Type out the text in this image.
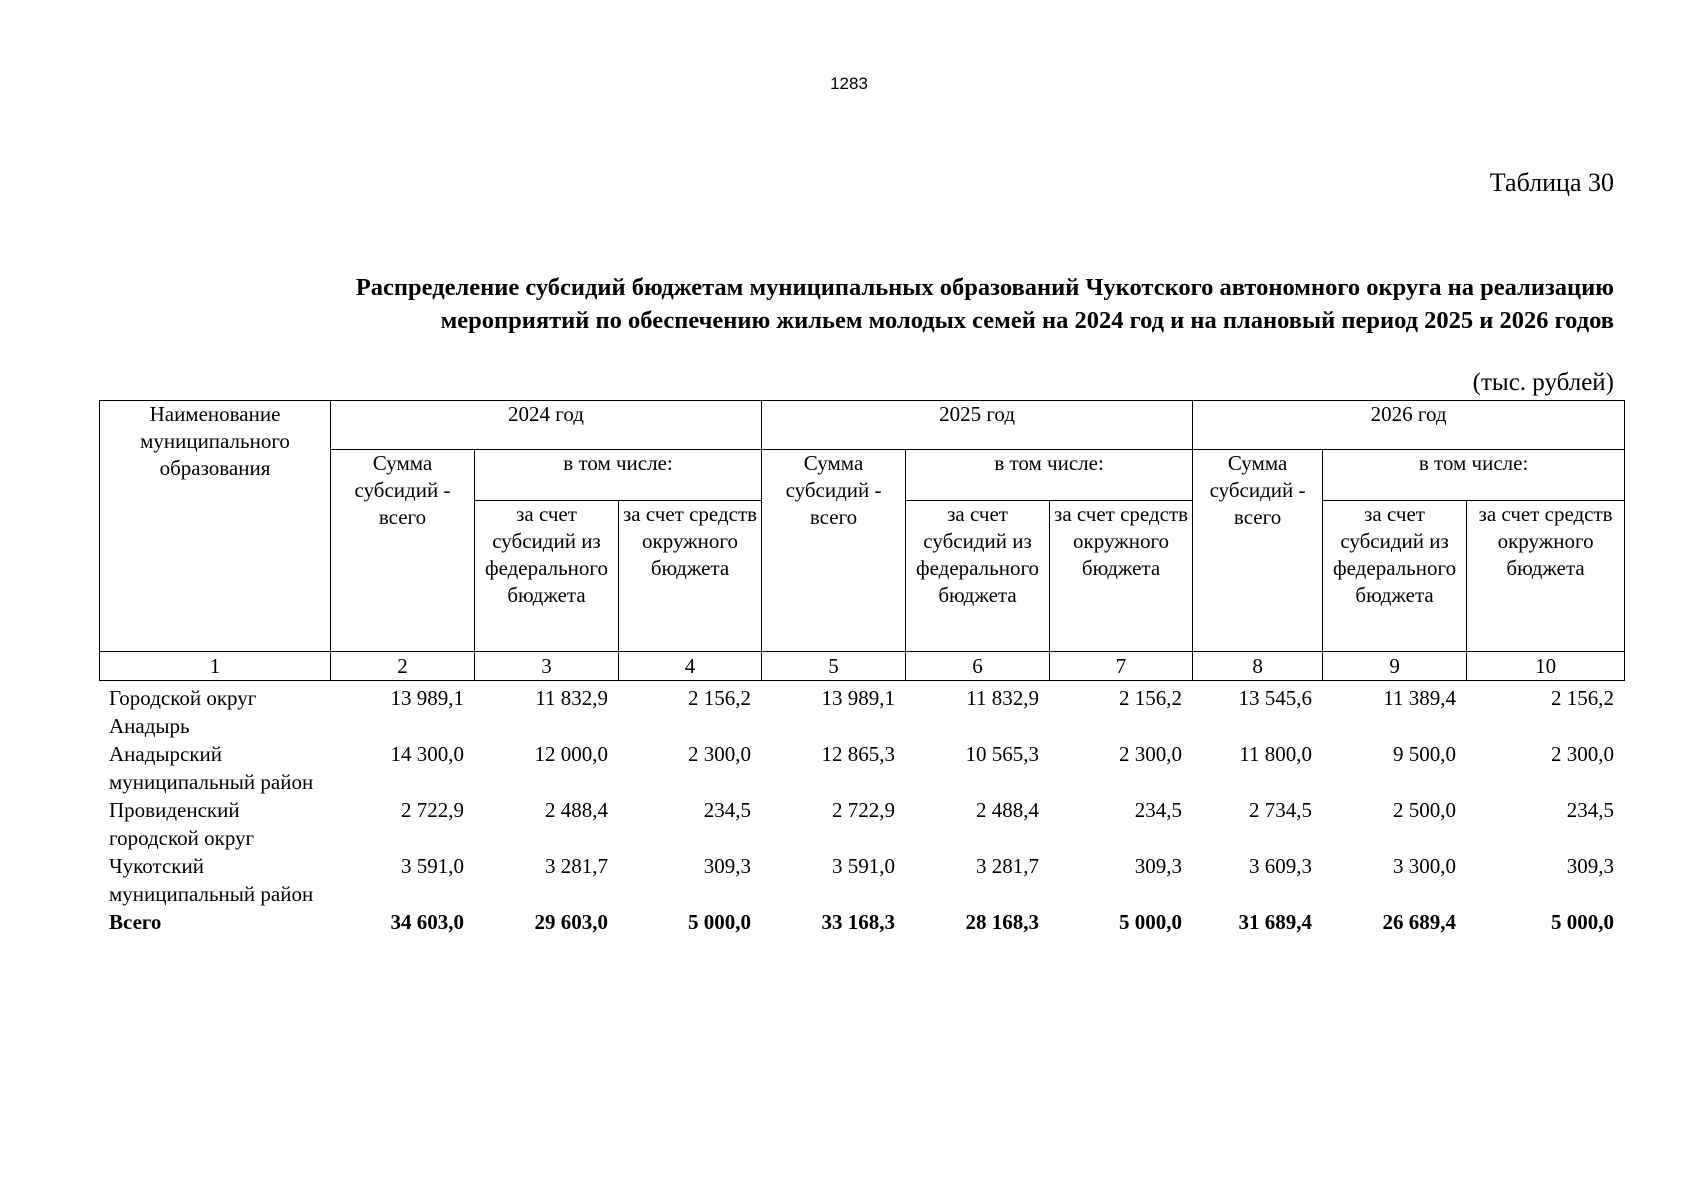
1283
Таблица 30
Распределение субсидий бюджетам муниципальных образований Чукотского автономного округа на реализацию
мероприятий по обеспечению жильем молодых семей на 2024 год и на плановый период 2025 и 2026 годов
(тыс. рублей)
Наименование муниципального образования	2024 год			2025 год			2026 год		
	Сумма субсидий - всего	в том числе:		Сумма субсидий - всего	в том числе:		Сумма субсидий - всего	в том числе:	
		за счет субсидий из федерального бюджета	за счет средств окружного бюджета		за счет субсидий из федерального бюджета	за счет средств окружного бюджета		за счет субсидий из федерального бюджета	за счет средств окружного бюджета
1	2	3	4	5	6	7	8	9	10
Городской округ Анадырь	13 989,1	11 832,9	2 156,2	13 989,1	11 832,9	2 156,2	13 545,6	11 389,4	2 156,2
Анадырский муниципальный район	14 300,0	12 000,0	2 300,0	12 865,3	10 565,3	2 300,0	11 800,0	9 500,0	2 300,0
Провиденский городской округ	2 722,9	2 488,4	234,5	2 722,9	2 488,4	234,5	2 734,5	2 500,0	234,5
Чукотский муниципальный район	3 591,0	3 281,7	309,3	3 591,0	3 281,7	309,3	3 609,3	3 300,0	309,3
Всего	34 603,0	29 603,0	5 000,0	33 168,3	28 168,3	5 000,0	31 689,4	26 689,4	5 000,0
